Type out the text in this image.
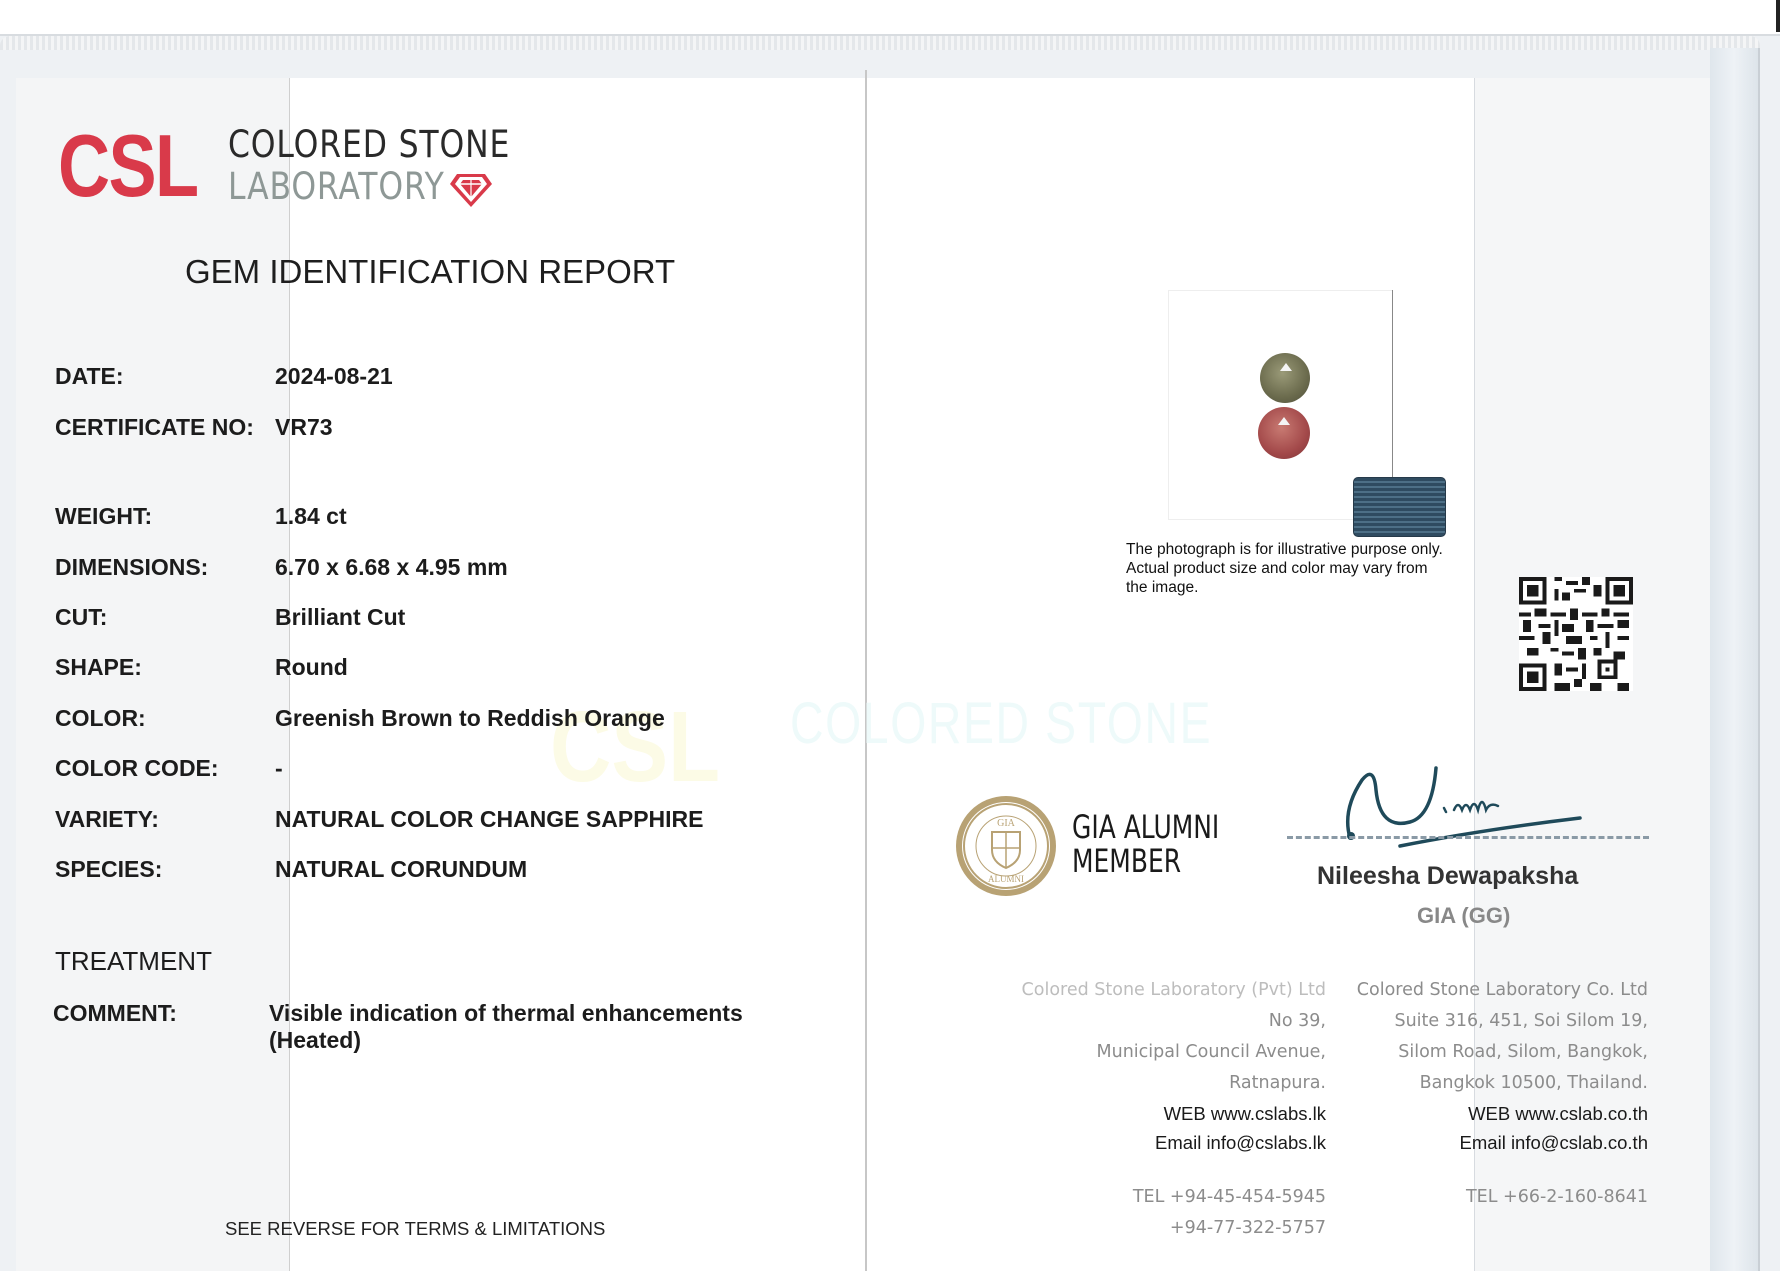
CSL COLORED STONE
CSL COLORED STONE
LABORATORY
GEM IDENTIFICATION REPORT
DATE:	2024-08-21
CERTIFICATE NO: VR73
WEIGHT:	1.84 ct
DIMENSIONS:	6.70 x 6.68 x 4.95 mm
CUT:	Brilliant Cut
SHAPE:	Round
COLOR:	Greenish Brown to Reddish Orange
COLOR CODE:	-
VARIETY:	NATURAL COLOR CHANGE SAPPHIRE
SPECIES:	NATURAL CORUNDUM
TREATMENT
COMMENT:	Visible indication of thermal enhancements
(Heated)
SEE REVERSE FOR TERMS & LIMITATIONS
The photograph is for illustrative purpose only. Actual product size and color may vary from the image.
GIA
ALUMNI
GIA ALUMNI
MEMBER	Nileesha Dewapaksha
GIA (GG)
Colored Stone Laboratory (Pvt) Ltd
No 39,
Municipal Council Avenue,
Ratnapura.
WEB www.cslabs.lk
Email info@cslabs.lk
TEL +94-45-454-5945
+94-77-322-5757
Colored Stone Laboratory Co. Ltd
Suite 316, 451, Soi Silom 19,
Silom Road, Silom, Bangkok,
Bangkok 10500, Thailand.
WEB www.cslab.co.th
Email info@cslab.co.th
TEL +66-2-160-8641
